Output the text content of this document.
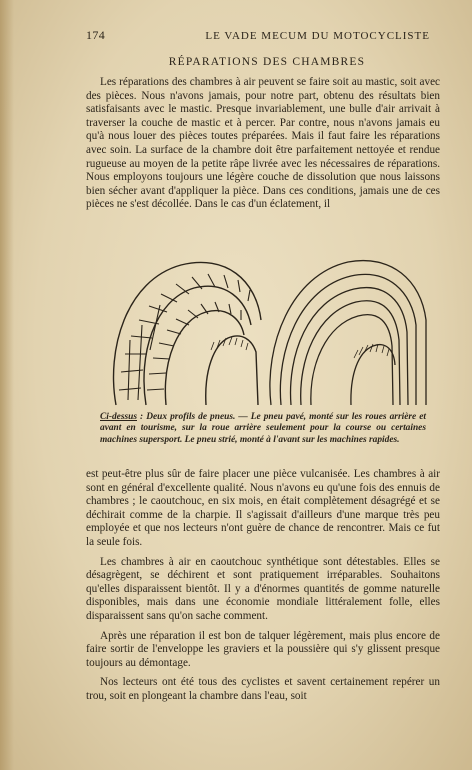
174	LE VADE MECUM DU MOTOCYCLISTE
RÉPARATIONS DES CHAMBRES

Les réparations des chambres à air peuvent se faire soit au mastic, soit avec des pièces. Nous n'avons jamais, pour notre part, obtenu des résultats bien satisfaisants avec le mastic. Presque invariablement, une bulle d'air arrivait à traverser la couche de mastic et à percer. Par contre, nous n'avons jamais eu qu'à nous louer des pièces toutes préparées. Mais il faut faire les réparations avec soin. La surface de la chambre doit être parfaitement nettoyée et rendue rugueuse au moyen de la petite râpe livrée avec les nécessaires de réparations. Nous employons toujours une légère couche de dissolution que nous laissons bien sécher avant d'appliquer la pièce. Dans ces conditions, jamais une de ces pièces ne s'est décollée. Dans le cas d'un éclatement, il

Ci-dessus : Deux profils de pneus. — Le pneu pavé, monté sur les roues arrière et avant en tourisme, sur la roue arrière seulement pour la course ou certaines machines supersport. Le pneu strié, monté à l'avant sur les machines rapides.

est peut-être plus sûr de faire placer une pièce vulcanisée. Les chambres à air sont en général d'excellente qualité. Nous n'avons eu qu'une fois des ennuis de chambres ; le caoutchouc, en six mois, en était complètement désagrégé et se déchirait comme de la charpie. Il s'agissait d'ailleurs d'une marque très peu employée et que nos lecteurs n'ont guère de chance de rencontrer. Mais ce fut la seule fois.

Les chambres à air en caoutchouc synthétique sont détestables. Elles se désagrègent, se déchirent et sont pratiquement irréparables. Souhaitons qu'elles disparaissent bientôt. Il y a d'énormes quantités de gomme naturelle disponibles, mais dans une économie mondiale littéralement folle, elles disparaissent sans qu'on sache comment.

Après une réparation il est bon de talquer légèrement, mais plus encore de faire sortir de l'enveloppe les graviers et la poussière qui s'y glissent presque toujours au démontage.

Nos lecteurs ont été tous des cyclistes et savent certainement repérer un trou, soit en plongeant la chambre dans l'eau, soit
